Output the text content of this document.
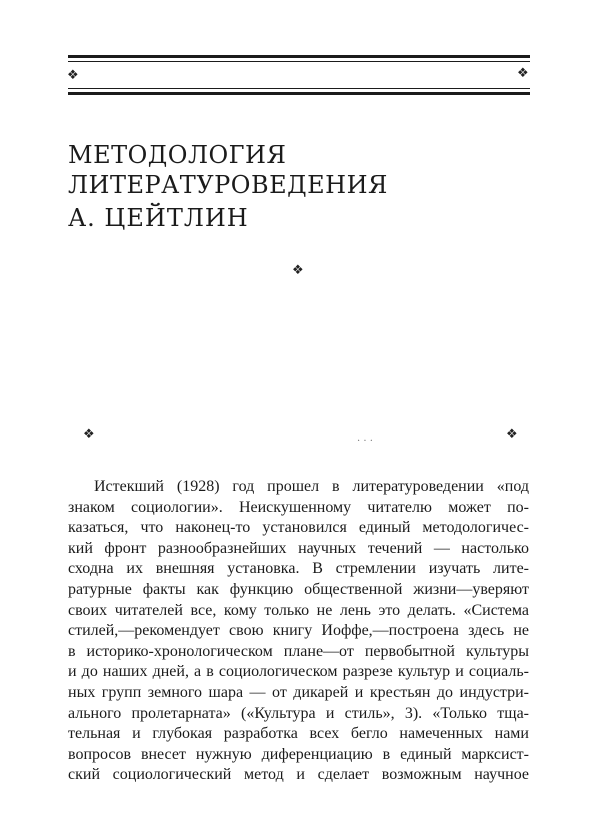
❖	❖
МЕТОДОЛОГИЯ
ЛИТЕРАТУРОВЕДЕНИЯ
А. ЦЕЙТЛИН
❖
❖	. . .	❖
Истекший (1928) год прошел в литературоведении «под
знаком социологии». Неискушенному читателю может по-
казаться, что наконец-то установился единый методологичес-
кий фронт разнообразнейших научных течений — настолько
сходна их внешняя установка. В стремлении изучать лите-
ратурные факты как функцию общественной жизни—уверяют
своих читателей все, кому только не лень это делать. «Система
стилей,—рекомендует свою книгу Иоффе,—построена здесь не
в историко-хронологическом плане—от первобытной культуры
и до наших дней, а в социологическом разрезе культур и социаль-
ных групп земного шара — от дикарей и крестьян до индустри-
ального пролетарната» («Культура и стиль», 3). «Только тща-
тельная и глубокая разработка всех бегло намеченных нами
вопросов внесет нужную диференциацию в единый марксист-
ский социологический метод и сделает возможным научное
